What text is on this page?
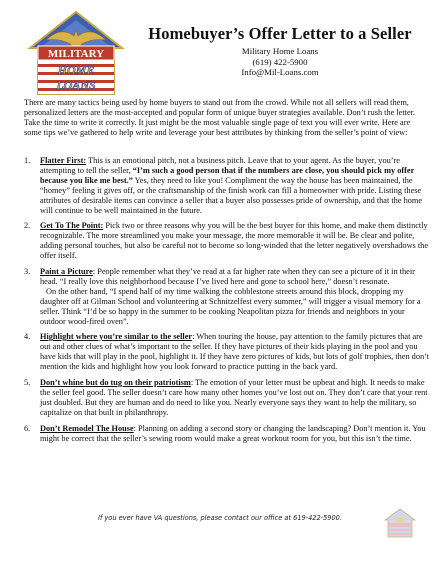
MILITARY
HOME
LOANS
Homebuyer’s Offer Letter to a Seller
Military Home Loans
(619) 422-5900
Info@Mil-Loans.com

There are many tactics being used by home buyers to stand out from the crowd. While not all sellers will read them, personalized letters are the most-accepted and popular form of unique buyer strategies available. Don’t rush the letter. Take the time to write it correctly. It just might be the most valuable single page of text you will ever write. Here are some tips we’ve gathered to help write and leverage your best attributes by thinking from the seller’s point of view:

1. Flatter First: This is an emotional pitch, not a business pitch. Leave that to your agent. As the buyer, you’re attempting to tell the seller, “I’m such a good person that if the numbers are close, you should pick my offer because you like me best.” Yes, they need to like you! Compliment the way the house has been maintained, the “homey” feeling it gives off, or the craftsmanship of the finish work can fill a homeowner with pride. Listing these attributes of desirable items can convince a seller that a buyer also possesses pride of ownership, and that the home will continue to be well maintained in the future.

2. Get To The Point: Pick two or three reasons why you will be the best buyer for this home, and make them distinctly recognizable. The more streamlined you make your message, the more memorable it will be. Be clear and polite, adding personal touches, but also be careful not to become so long-winded that the letter negatively overshadows the offer itself.

3. Paint a Picture: People remember what they’ve read at a far higher rate when they can see a picture of it in their head. “I really love this neighborhood because I’ve lived here and gone to school here,” doesn’t resonate.

On the other hand, “I spend half of my time walking the cobblestone streets around this block, dropping my daughter off at Gilman School and volunteering at Schnitzelfest every summer,” will trigger a visual memory for a seller. Think “I’d be so happy in the summer to be cooking Neapolitan pizza for friends and neighbors in your outdoor wood-fired oven”.

4. Highlight where you’re similar to the seller: When touring the house, pay attention to the family pictures that are out and other clues of what’s important to the seller. If they have pictures of their kids playing in the pool and you have kids that will play in the pool, highlight it. If they have zero pictures of kids, but lots of golf trophies, then don’t mention the kids and highlight how you look forward to practice putting in the back yard.

5. Don’t whine but do tug on their patriotism: The emotion of your letter must be upbeat and high. It needs to make the seller feel good. The seller doesn’t care how many other homes you’ve lost out on. They don’t care that your rent just doubled. But they are human and do need to like you. Nearly everyone says they want to help the military, so capitalize on that built in philanthropy.

6. Don’t Remodel The House: Planning on adding a second story or changing the landscaping? Don’t mention it. You might be correct that the seller’s sewing room would make a great workout room for you, but this isn’t the time.

If you ever have VA questions, please contact our office at 619-422-5900.
